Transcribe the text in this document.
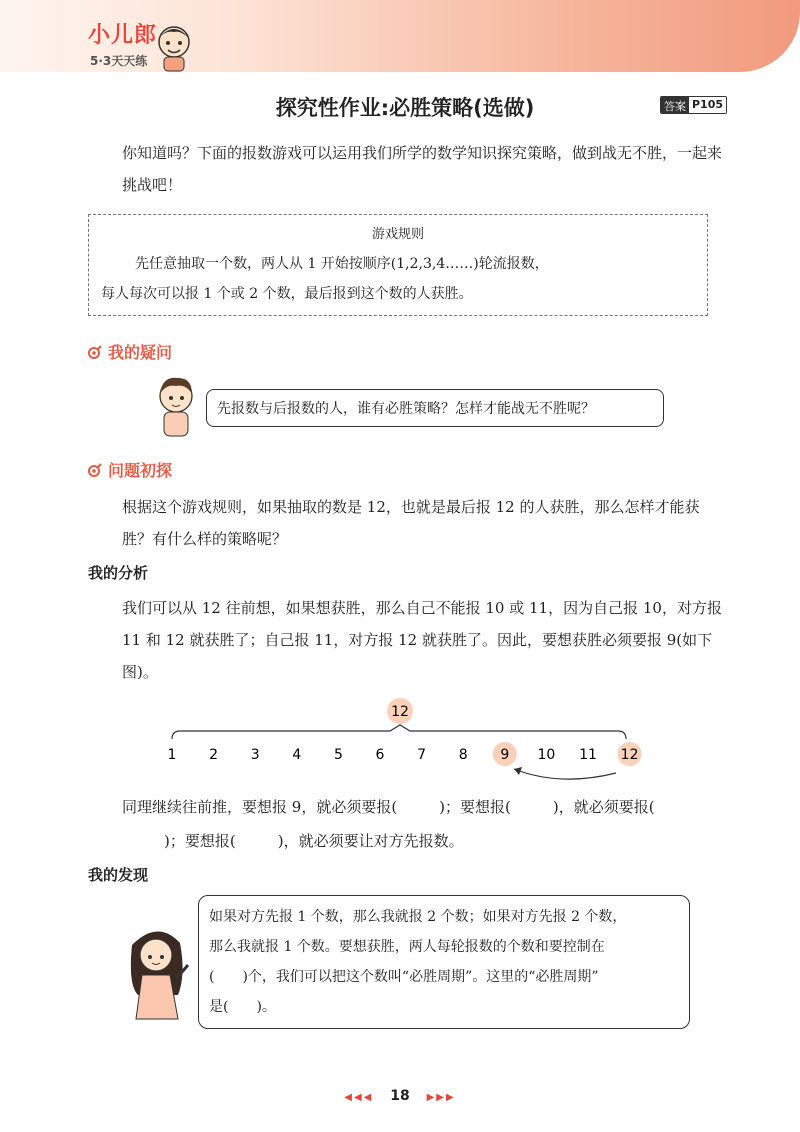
小儿郎
5·3天天练
探究性作业:必胜策略(选做)	答案 P105
你知道吗？下面的报数游戏可以运用我们所学的数学知识探究策略，做到战无不胜，一起来挑战吧！
游戏规则
先任意抽取一个数，两人从 1 开始按顺序(1,2,3,4……)轮流报数，
每人每次可以报 1 个或 2 个数，最后报到这个数的人获胜。
我的疑问
先报数与后报数的人，谁有必胜策略？怎样才能战无不胜呢？
问题初探
根据这个游戏规则，如果抽取的数是 12，也就是最后报 12 的人获胜，那么怎样才能获胜？有什么样的策略呢？
我的分析
我们可以从 12 往前想，如果想获胜，那么自己不能报 10 或 11，因为自己报 10，对方报 11 和 12 就获胜了；自己报 11，对方报 12 就获胜了。因此，要想获胜必须要报 9(如下图)。
12
1 2 3 4 5 6 7 8 9 10 11 12
同理继续往前推，要想报 9，就必须要报(	)；要想报(	)，就必须要报(
)；要想报(	)，就必须要让对方先报数。
我的发现
如果对方先报 1 个数，那么我就报 2 个数；如果对方先报 2 个数，
那么我就报 1 个数。要想获胜，两人每轮报数的个数和要控制在
(　　)个，我们可以把这个数叫“必胜周期”。这里的“必胜周期”
是(　　)。
◀◀◀ 18 ▶▶▶
